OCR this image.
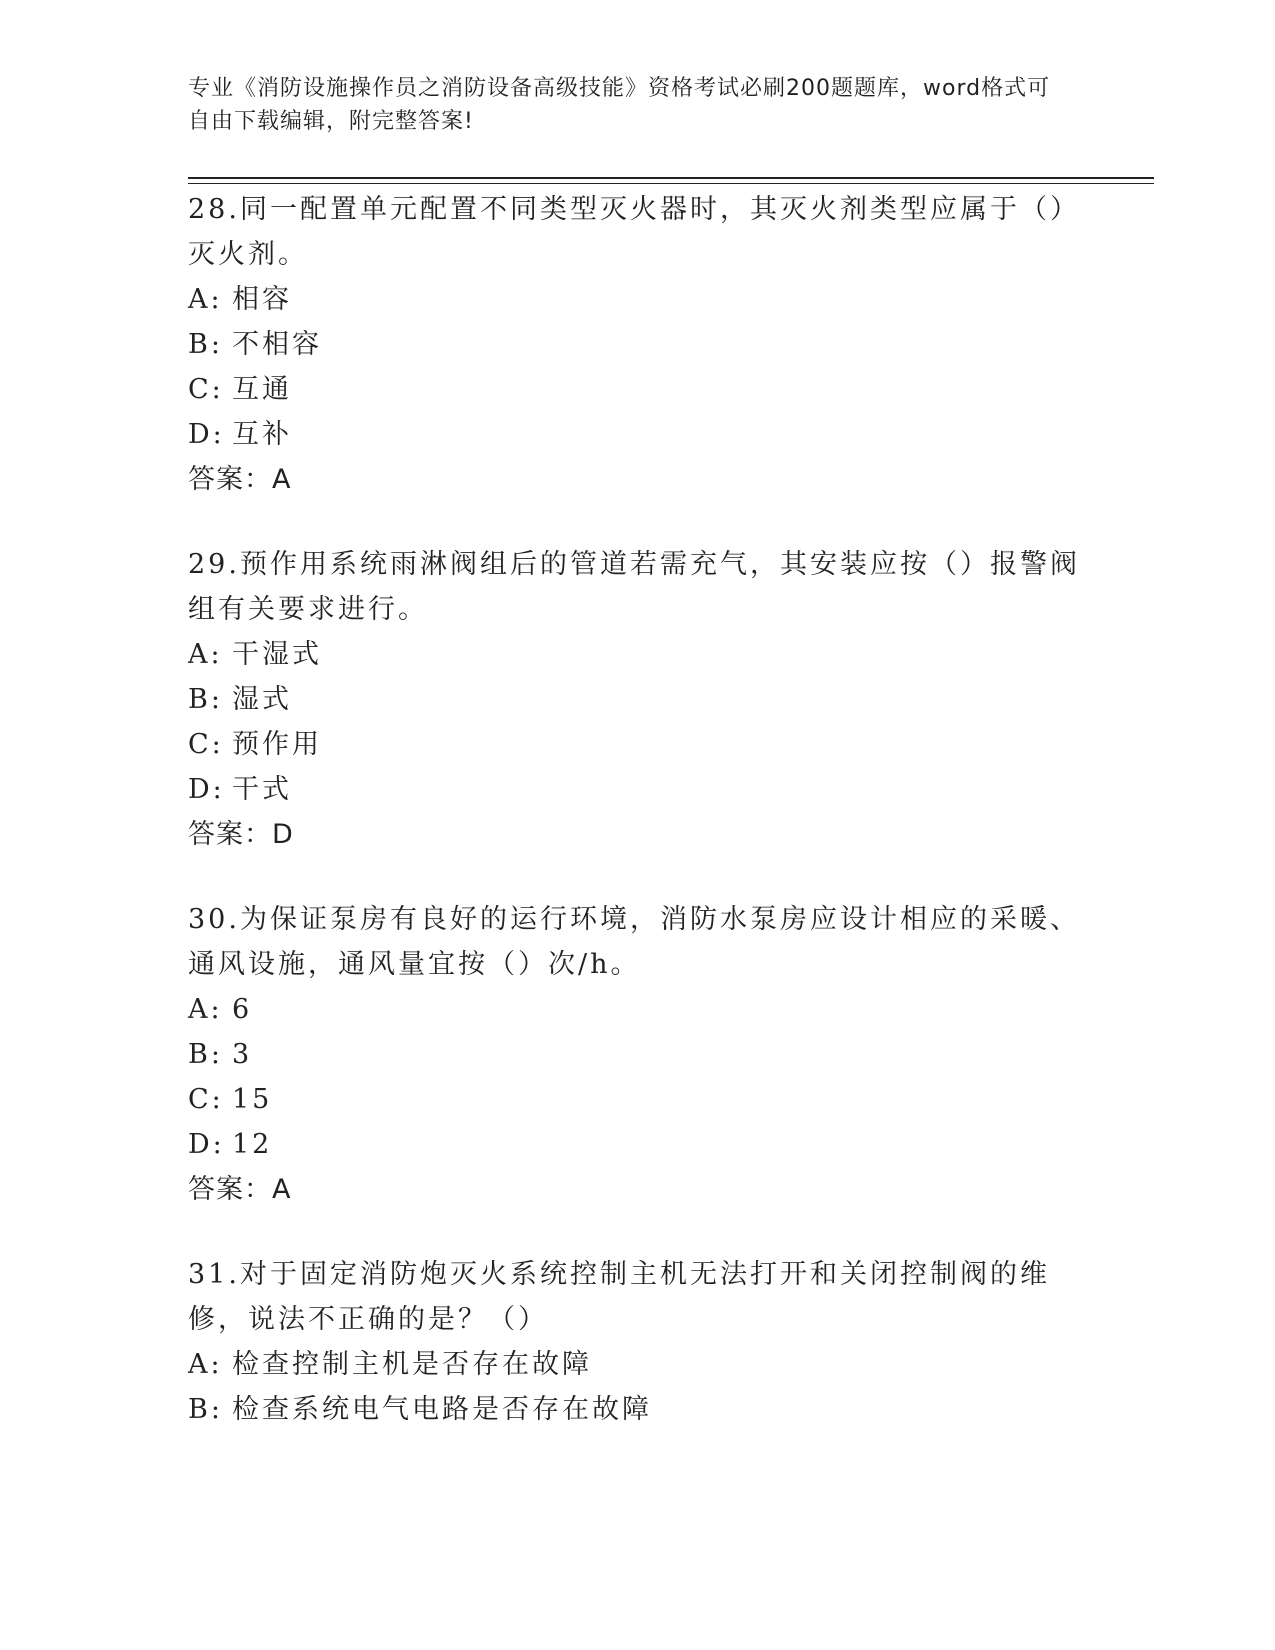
专业《消防设施操作员之消防设备高级技能》资格考试必刷200题题库，word格式可自由下载编辑，附完整答案!

28.同一配置单元配置不同类型灭火器时，其灭火剂类型应属于（）灭火剂。

A: 相容
B: 不相容
C: 互通
D: 互补

答案：A

29.预作用系统雨淋阀组后的管道若需充气，其安装应按（）报警阀组有关要求进行。

A: 干湿式
B: 湿式
C: 预作用
D: 干式

答案：D

30.为保证泵房有良好的运行环境，消防水泵房应设计相应的采暖、通风设施，通风量宜按（）次/h。

A: 6
B: 3
C: 15
D: 12

答案：A

31.对于固定消防炮灭火系统控制主机无法打开和关闭控制阀的维修，说法不正确的是？（）

A: 检查控制主机是否存在故障
B: 检查系统电气电路是否存在故障
